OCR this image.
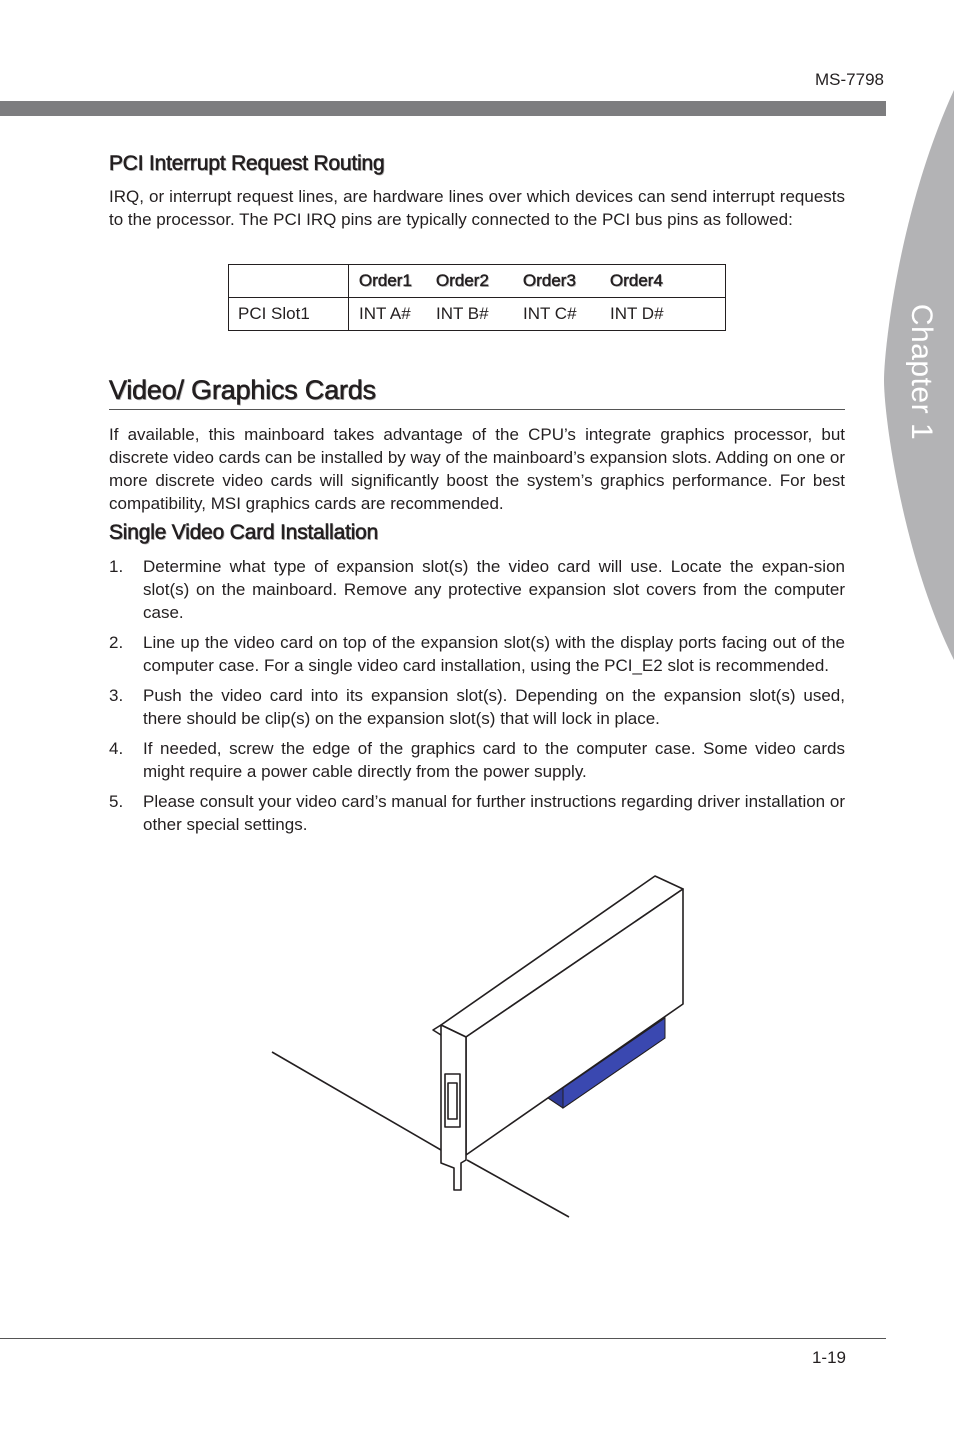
MS-7798
Chapter 1
PCI Interrupt Request Routing

IRQ, or interrupt request lines, are hardware lines over which devices can send interrupt requests to the processor. The PCI IRQ pins are typically connected to the PCI bus pins as followed:

	Order1	Order2	Order3	Order4
PCI Slot1	INT A#	INT B#	INT C#	INT D#
Video/ Graphics Cards

If available, this mainboard takes advantage of the CPU’s integrate graphics processor, but discrete video cards can be installed by way of the mainboard’s expansion slots. Adding on one or more discrete video cards will significantly boost the system’s graphics performance. For best compatibility, MSI graphics cards are recommended.

Single Video Card Installation
1. Determine what type of expansion slot(s) the video card will use. Locate the expan-sion slot(s) on the mainboard. Remove any protective expansion slot covers from the computer case.
2. Line up the video card on top of the expansion slot(s) with the display ports facing out of the computer case. For a single video card installation, using the PCI_E2 slot is recommended.
3. Push the video card into its expansion slot(s). Depending on the expansion slot(s) used, there should be clip(s) on the expansion slot(s) that will lock in place.
4. If needed, screw the edge of the graphics card to the computer case. Some video cards might require a power cable directly from the power supply.
5. Please consult your video card’s manual for further instructions regarding driver installation or other special settings.
1-19
